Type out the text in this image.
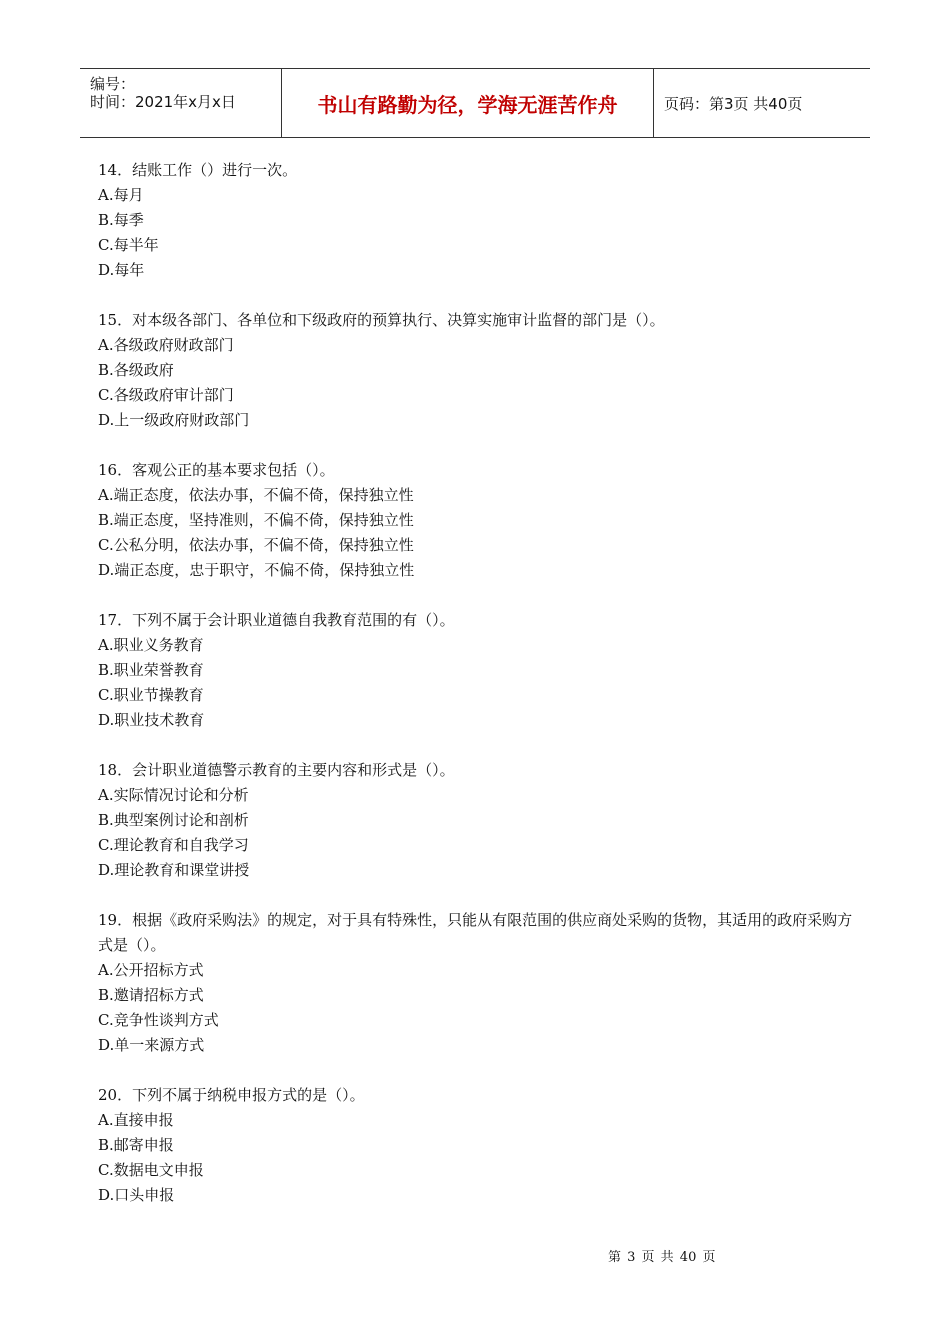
编号：
时间：2021年x月x日	书山有路勤为径，学海无涯苦作舟	页码：第3页 共40页
14．结账工作（）进行一次。
A.每月
B.每季
C.每半年
D.每年
15．对本级各部门、各单位和下级政府的预算执行、决算实施审计监督的部门是（）。
A.各级政府财政部门
B.各级政府
C.各级政府审计部门
D.上一级政府财政部门
16．客观公正的基本要求包括（）。
A.端正态度，依法办事，不偏不倚，保持独立性
B.端正态度，坚持准则，不偏不倚，保持独立性
C.公私分明，依法办事，不偏不倚，保持独立性
D.端正态度，忠于职守，不偏不倚，保持独立性
17．下列不属于会计职业道德自我教育范围的有（）。
A.职业义务教育
B.职业荣誉教育
C.职业节操教育
D.职业技术教育
18．会计职业道德警示教育的主要内容和形式是（）。
A.实际情况讨论和分析
B.典型案例讨论和剖析
C.理论教育和自我学习
D.理论教育和课堂讲授
19．根据《政府采购法》的规定，对于具有特殊性，只能从有限范围的供应商处采购的货物，其适用的政府采购方式是（）。
A.公开招标方式
B.邀请招标方式
C.竞争性谈判方式
D.单一来源方式
20．下列不属于纳税申报方式的是（）。
A.直接申报
B.邮寄申报
C.数据电文申报
D.口头申报
第 3 页 共 40 页
